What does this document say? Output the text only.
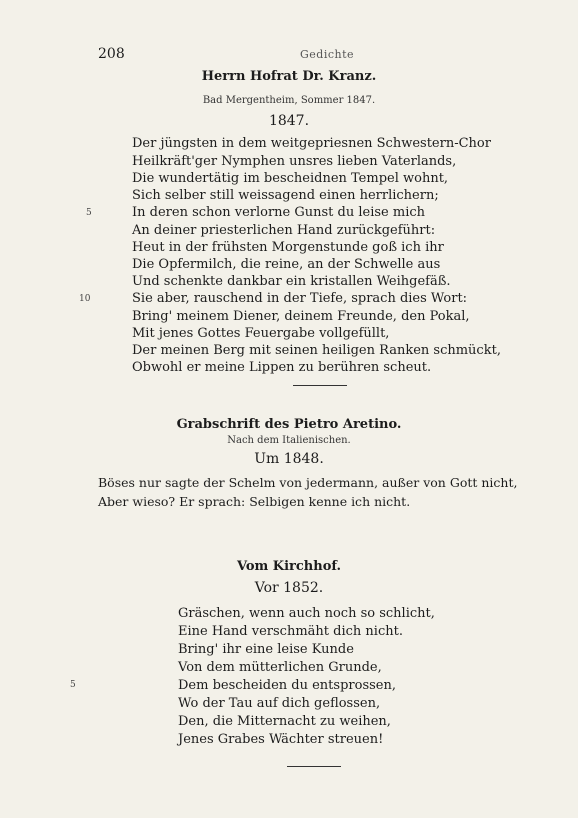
208	Gedichte
Herrn Hofrat Dr. Kranz.
Bad Mergentheim, Sommer 1847.
1847.
Der jüngsten in dem weitgepriesnen Schwestern-Chor
Heilkräft'ger Nymphen unsres lieben Vaterlands,
Die wundertätig im bescheidnen Tempel wohnt,
Sich selber still weissagend einen herrlichern;
In deren schon verlorne Gunst du leise mich
An deiner priesterlichen Hand zurückgeführt:
Heut in der frühsten Morgenstunde goß ich ihr
Die Opfermilch, die reine, an der Schwelle aus
Und schenkte dankbar ein kristallen Weihgefäß.
Sie aber, rauschend in der Tiefe, sprach dies Wort:
Bring' meinem Diener, deinem Freunde, den Pokal,
Mit jenes Gottes Feuergabe vollgefüllt,
Der meinen Berg mit seinen heiligen Ranken schmückt,
Obwohl er meine Lippen zu berühren scheut.
5
10
Grabschrift des Pietro Aretino.
Nach dem Italienischen.
Um 1848.
Böses nur sagte der Schelm von jedermann, außer von Gott nicht,
Aber wieso? Er sprach: Selbigen kenne ich nicht.
Vom Kirchhof.
Vor 1852.
Gräschen, wenn auch noch so schlicht,
Eine Hand verschmäht dich nicht.
Bring' ihr eine leise Kunde
Von dem mütterlichen Grunde,
Dem bescheiden du entsprossen,
Wo der Tau auf dich geflossen,
Den, die Mitternacht zu weihen,
Jenes Grabes Wächter streuen!
5
